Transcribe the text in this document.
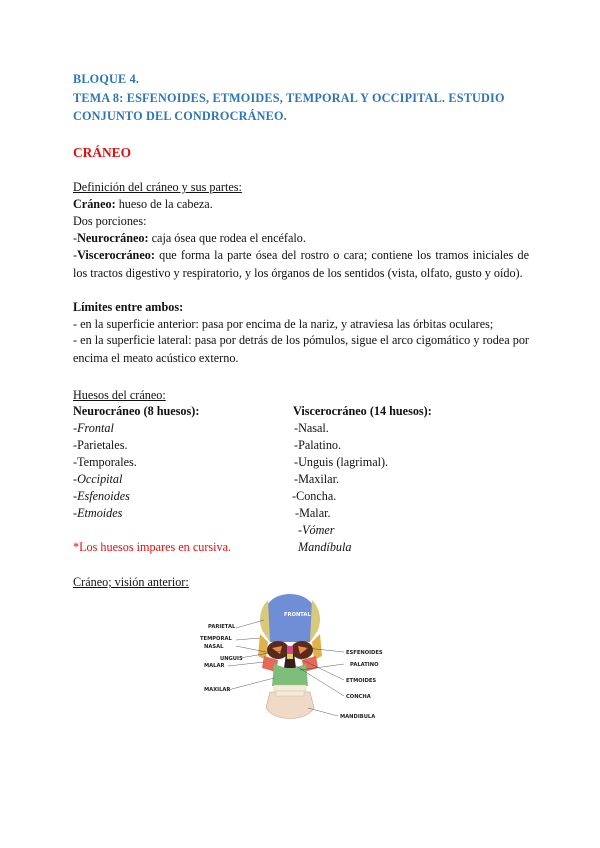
BLOQUE 4.
TEMA 8: ESFENOIDES, ETMOIDES, TEMPORAL Y OCCIPITAL. ESTUDIO
CONJUNTO DEL CONDROCRÁNEO.
CRÁNEO
Definición del cráneo y sus partes:
Cráneo: hueso de la cabeza.
Dos porciones:
-Neurocráneo: caja ósea que rodea el encéfalo.
-Viscerocráneo: que forma la parte ósea del rostro o cara; contiene los tramos iniciales de los tractos digestivo y respiratorio, y los órganos de los sentidos (vista, olfato, gusto y oído).
Límites entre ambos:
- en la superficie anterior: pasa por encima de la nariz, y atraviesa las órbitas oculares;
- en la superficie lateral: pasa por detrás de los pómulos, sigue el arco cigomático y rodea por encima el meato acústico externo.
Huesos del cráneo:
Neurocráneo (8 huesos):	Viscerocráneo (14 huesos):
-Frontal
-Parietales.
-Temporales.
-Occipital
-Esfenoides
-Etmoides
-Nasal.
-Palatino.
-Unguis (lagrimal).
-Maxilar.
-Concha.
-Malar.
-Vómer
Mandíbula
*Los huesos impares en cursiva.
Cráneo; visión anterior:
FRONTAL
PARIETAL
TEMPORAL
NASAL
UNGUIS
MALAR
MAXILAR
ESFENOIDES
PALATINO
ETMOIDES
CONCHA
MANDIBULA
